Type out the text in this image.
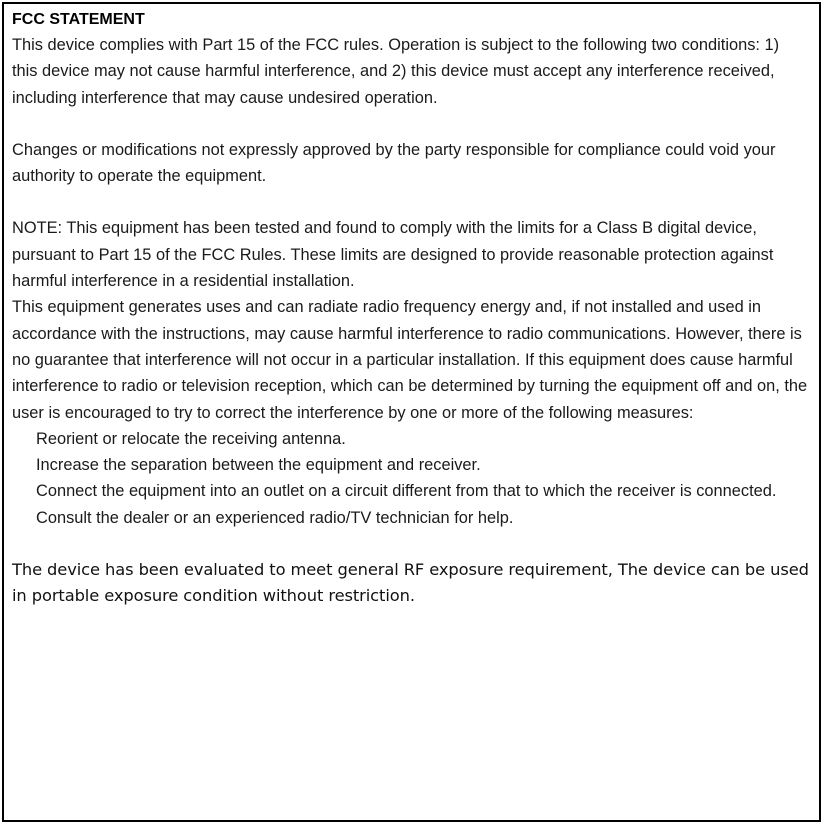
FCC STATEMENT

This device complies with Part 15 of the FCC rules. Operation is subject to the following two conditions: 1) this device may not cause harmful interference, and 2) this device must accept any interference received, including interference that may cause undesired operation.

Changes or modifications not expressly approved by the party responsible for compliance could void your authority to operate the equipment.

NOTE: This equipment has been tested and found to comply with the limits for a Class B digital device, pursuant to Part 15 of the FCC Rules. These limits are designed to provide reasonable protection against harmful interference in a residential installation.

This equipment generates uses and can radiate radio frequency energy and, if not installed and used in accordance with the instructions, may cause harmful interference to radio communications. However, there is no guarantee that interference will not occur in a particular installation. If this equipment does cause harmful interference to radio or television reception, which can be determined by turning the equipment off and on, the user is encouraged to try to correct the interference by one or more of the following measures:

Reorient or relocate the receiving antenna.
Increase the separation between the equipment and receiver.
Connect the equipment into an outlet on a circuit different from that to which the receiver is connected.
Consult the dealer or an experienced radio/TV technician for help.

The device has been evaluated to meet general RF exposure requirement, The device can be used in portable exposure condition without restriction.
